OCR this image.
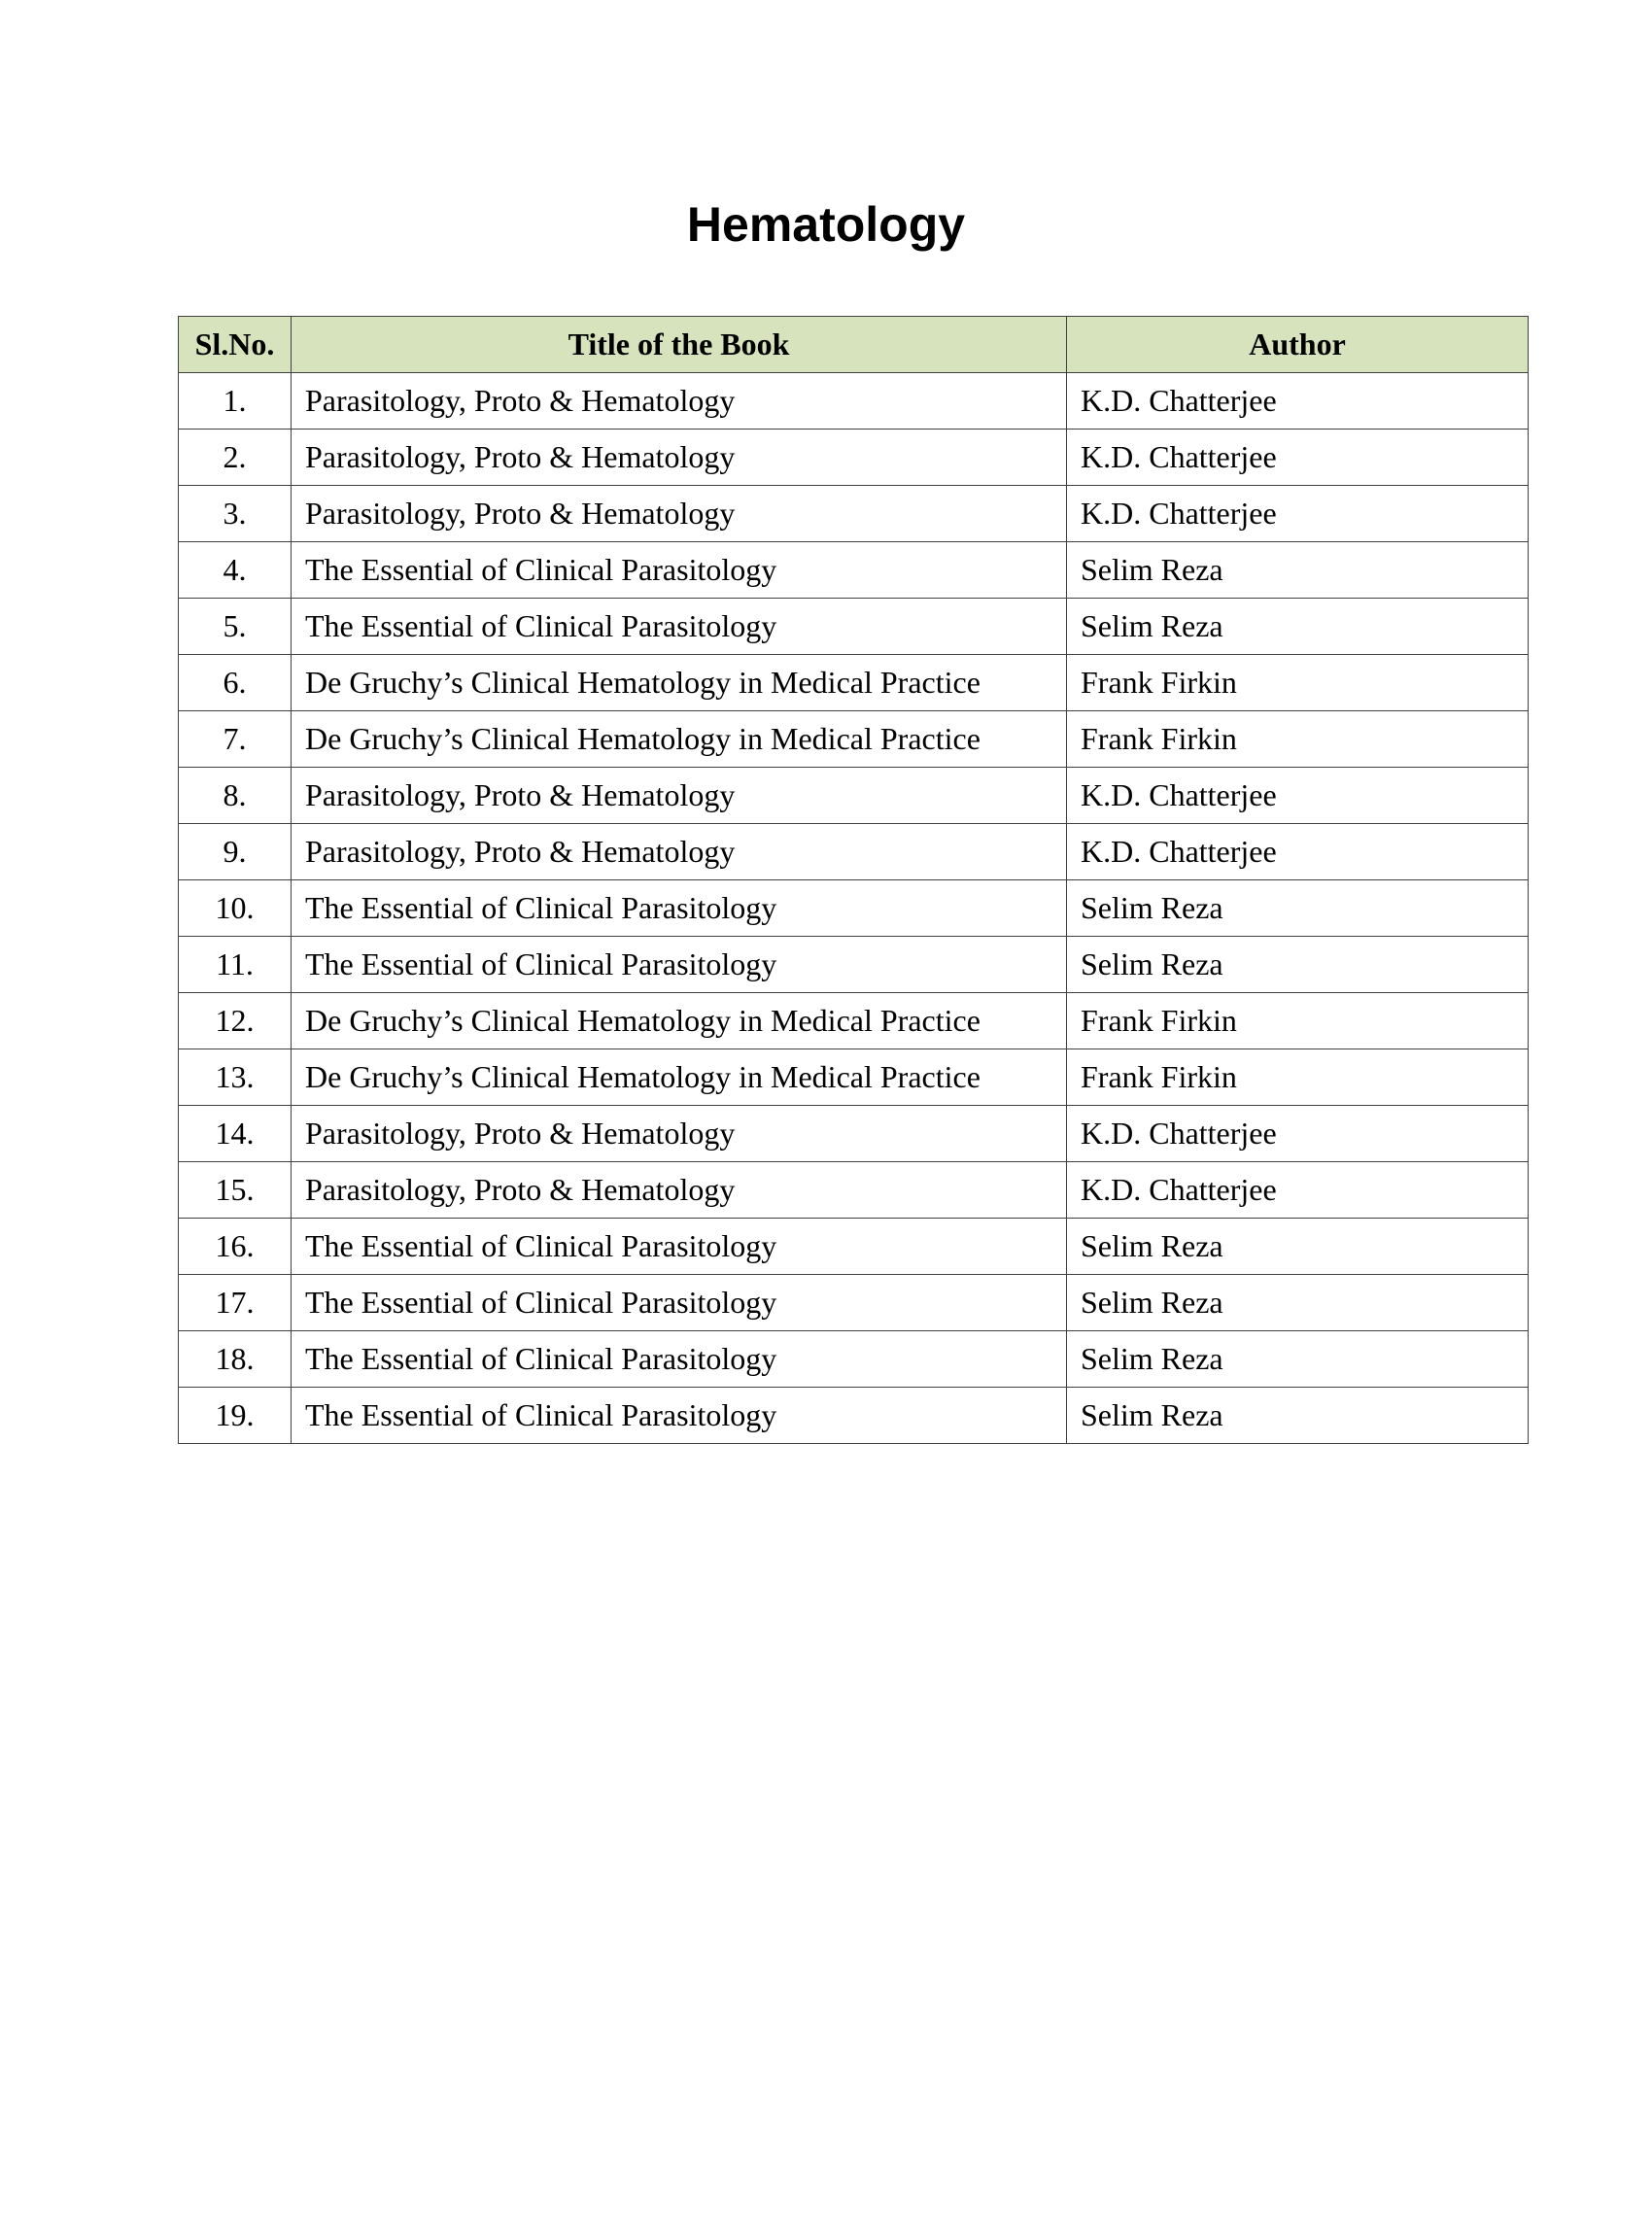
Hematology
Sl.No.	Title of the Book	Author
1.	Parasitology, Proto & Hematology	K.D. Chatterjee
2.	Parasitology, Proto & Hematology	K.D. Chatterjee
3.	Parasitology, Proto & Hematology	K.D. Chatterjee
4.	The Essential of Clinical Parasitology	Selim Reza
5.	The Essential of Clinical Parasitology	Selim Reza
6.	De Gruchy’s Clinical Hematology in Medical Practice	Frank Firkin
7.	De Gruchy’s Clinical Hematology in Medical Practice	Frank Firkin
8.	Parasitology, Proto & Hematology	K.D. Chatterjee
9.	Parasitology, Proto & Hematology	K.D. Chatterjee
10.	The Essential of Clinical Parasitology	Selim Reza
11.	The Essential of Clinical Parasitology	Selim Reza
12.	De Gruchy’s Clinical Hematology in Medical Practice	Frank Firkin
13.	De Gruchy’s Clinical Hematology in Medical Practice	Frank Firkin
14.	Parasitology, Proto & Hematology	K.D. Chatterjee
15.	Parasitology, Proto & Hematology	K.D. Chatterjee
16.	The Essential of Clinical Parasitology	Selim Reza
17.	The Essential of Clinical Parasitology	Selim Reza
18.	The Essential of Clinical Parasitology	Selim Reza
19.	The Essential of Clinical Parasitology	Selim Reza
